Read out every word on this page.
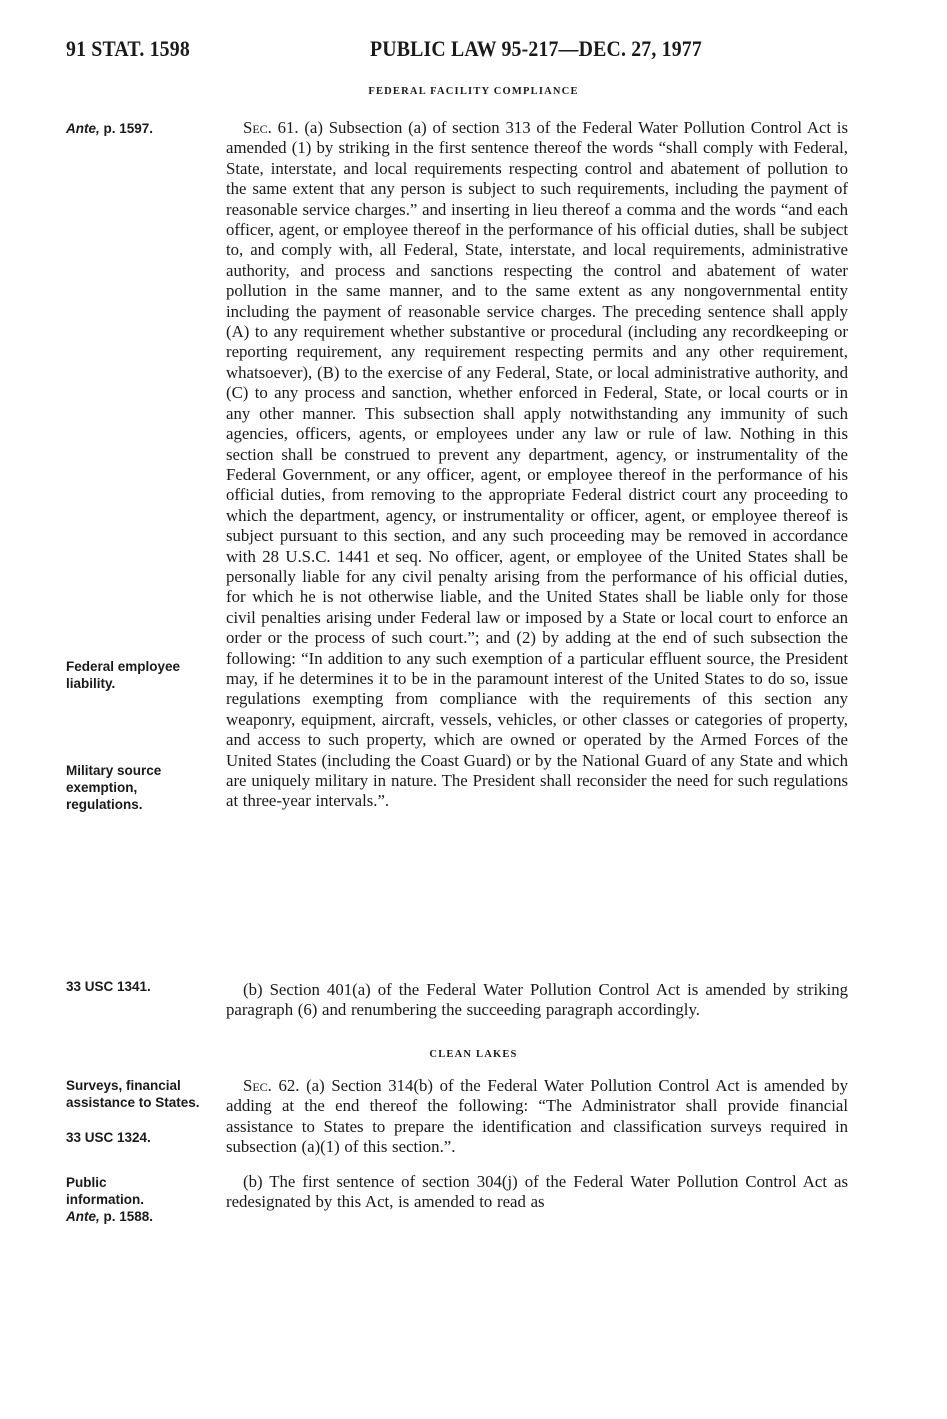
91 STAT. 1598	PUBLIC LAW 95-217—DEC. 27, 1977
FEDERAL FACILITY COMPLIANCE
Ante, p. 1597.	Sec. 61. (a) Subsection (a) of section 313 of the Federal Water Pollution Control Act is amended (1) by striking in the first sentence thereof the words “shall comply with Federal, State, interstate, and local requirements respecting control and abatement of pollution to the same extent that any person is subject to such requirements, including the payment of reasonable service charges.” and inserting in lieu thereof a comma and the words “and each officer, agent, or employee thereof in the performance of his official duties, shall be subject to, and comply with, all Federal, State, interstate, and local requirements, administrative authority, and process and sanctions respecting the control and abatement of water pollution in the same manner, and to the same extent as any nongovernmental entity including the payment of reasonable service charges. The preceding sentence shall apply (A) to any requirement whether substantive or procedural (including any recordkeeping or reporting requirement, any requirement respecting permits and any other requirement, whatsoever), (B) to the exercise of any Federal, State, or local administrative authority, and (C) to any process and sanction, whether enforced in Federal, State, or local courts or in any other manner. This subsection shall apply notwithstanding any immunity of such agencies, officers, agents, or employees under any law or rule of law. Nothing in this section shall be construed to prevent any department, agency, or instrumentality of the Federal Government, or any officer, agent, or employee thereof in the performance of his official duties, from removing to the appropriate Federal district court any proceeding to which the department, agency, or instrumentality or officer, agent, or employee thereof is subject pursuant to this section, and any such proceeding may be removed in accordance with 28 U.S.C. 1441 et seq. No officer, agent, or employee of the United States shall be personally liable for any civil penalty arising from the performance of his official duties, for which he is not otherwise liable, and the United States shall be liable only for those civil penalties arising under Federal law or imposed by a State or local court to enforce an order or the process of such court.”; and (2) by adding at the end of such subsection the following: “In addition to any such exemption of a particular effluent source, the President may, if he determines it to be in the paramount interest of the United States to do so, issue regulations exempting from compliance with the requirements of this section any weaponry, equipment, aircraft, vessels, vehicles, or other classes or categories of property, and access to such property, which are owned or operated by the Armed Forces of the United States (including the Coast Guard) or by the National Guard of any State and which are uniquely military in nature. The President shall reconsider the need for such regulations at three-year intervals.”.
Federal employee liability.
Military source exemption, regulations.
33 USC 1341.	(b) Section 401(a) of the Federal Water Pollution Control Act is amended by striking paragraph (6) and renumbering the succeeding paragraph accordingly.
CLEAN LAKES
Surveys, financial assistance to States.
33 USC 1324.
Sec. 62. (a) Section 314(b) of the Federal Water Pollution Control Act is amended by adding at the end thereof the following: “The Administrator shall provide financial assistance to States to prepare the identification and classification surveys required in subsection (a)(1) of this section.”.
Public information.
Ante, p. 1588.
(b) The first sentence of section 304(j) of the Federal Water Pollution Control Act as redesignated by this Act, is amended to read as
